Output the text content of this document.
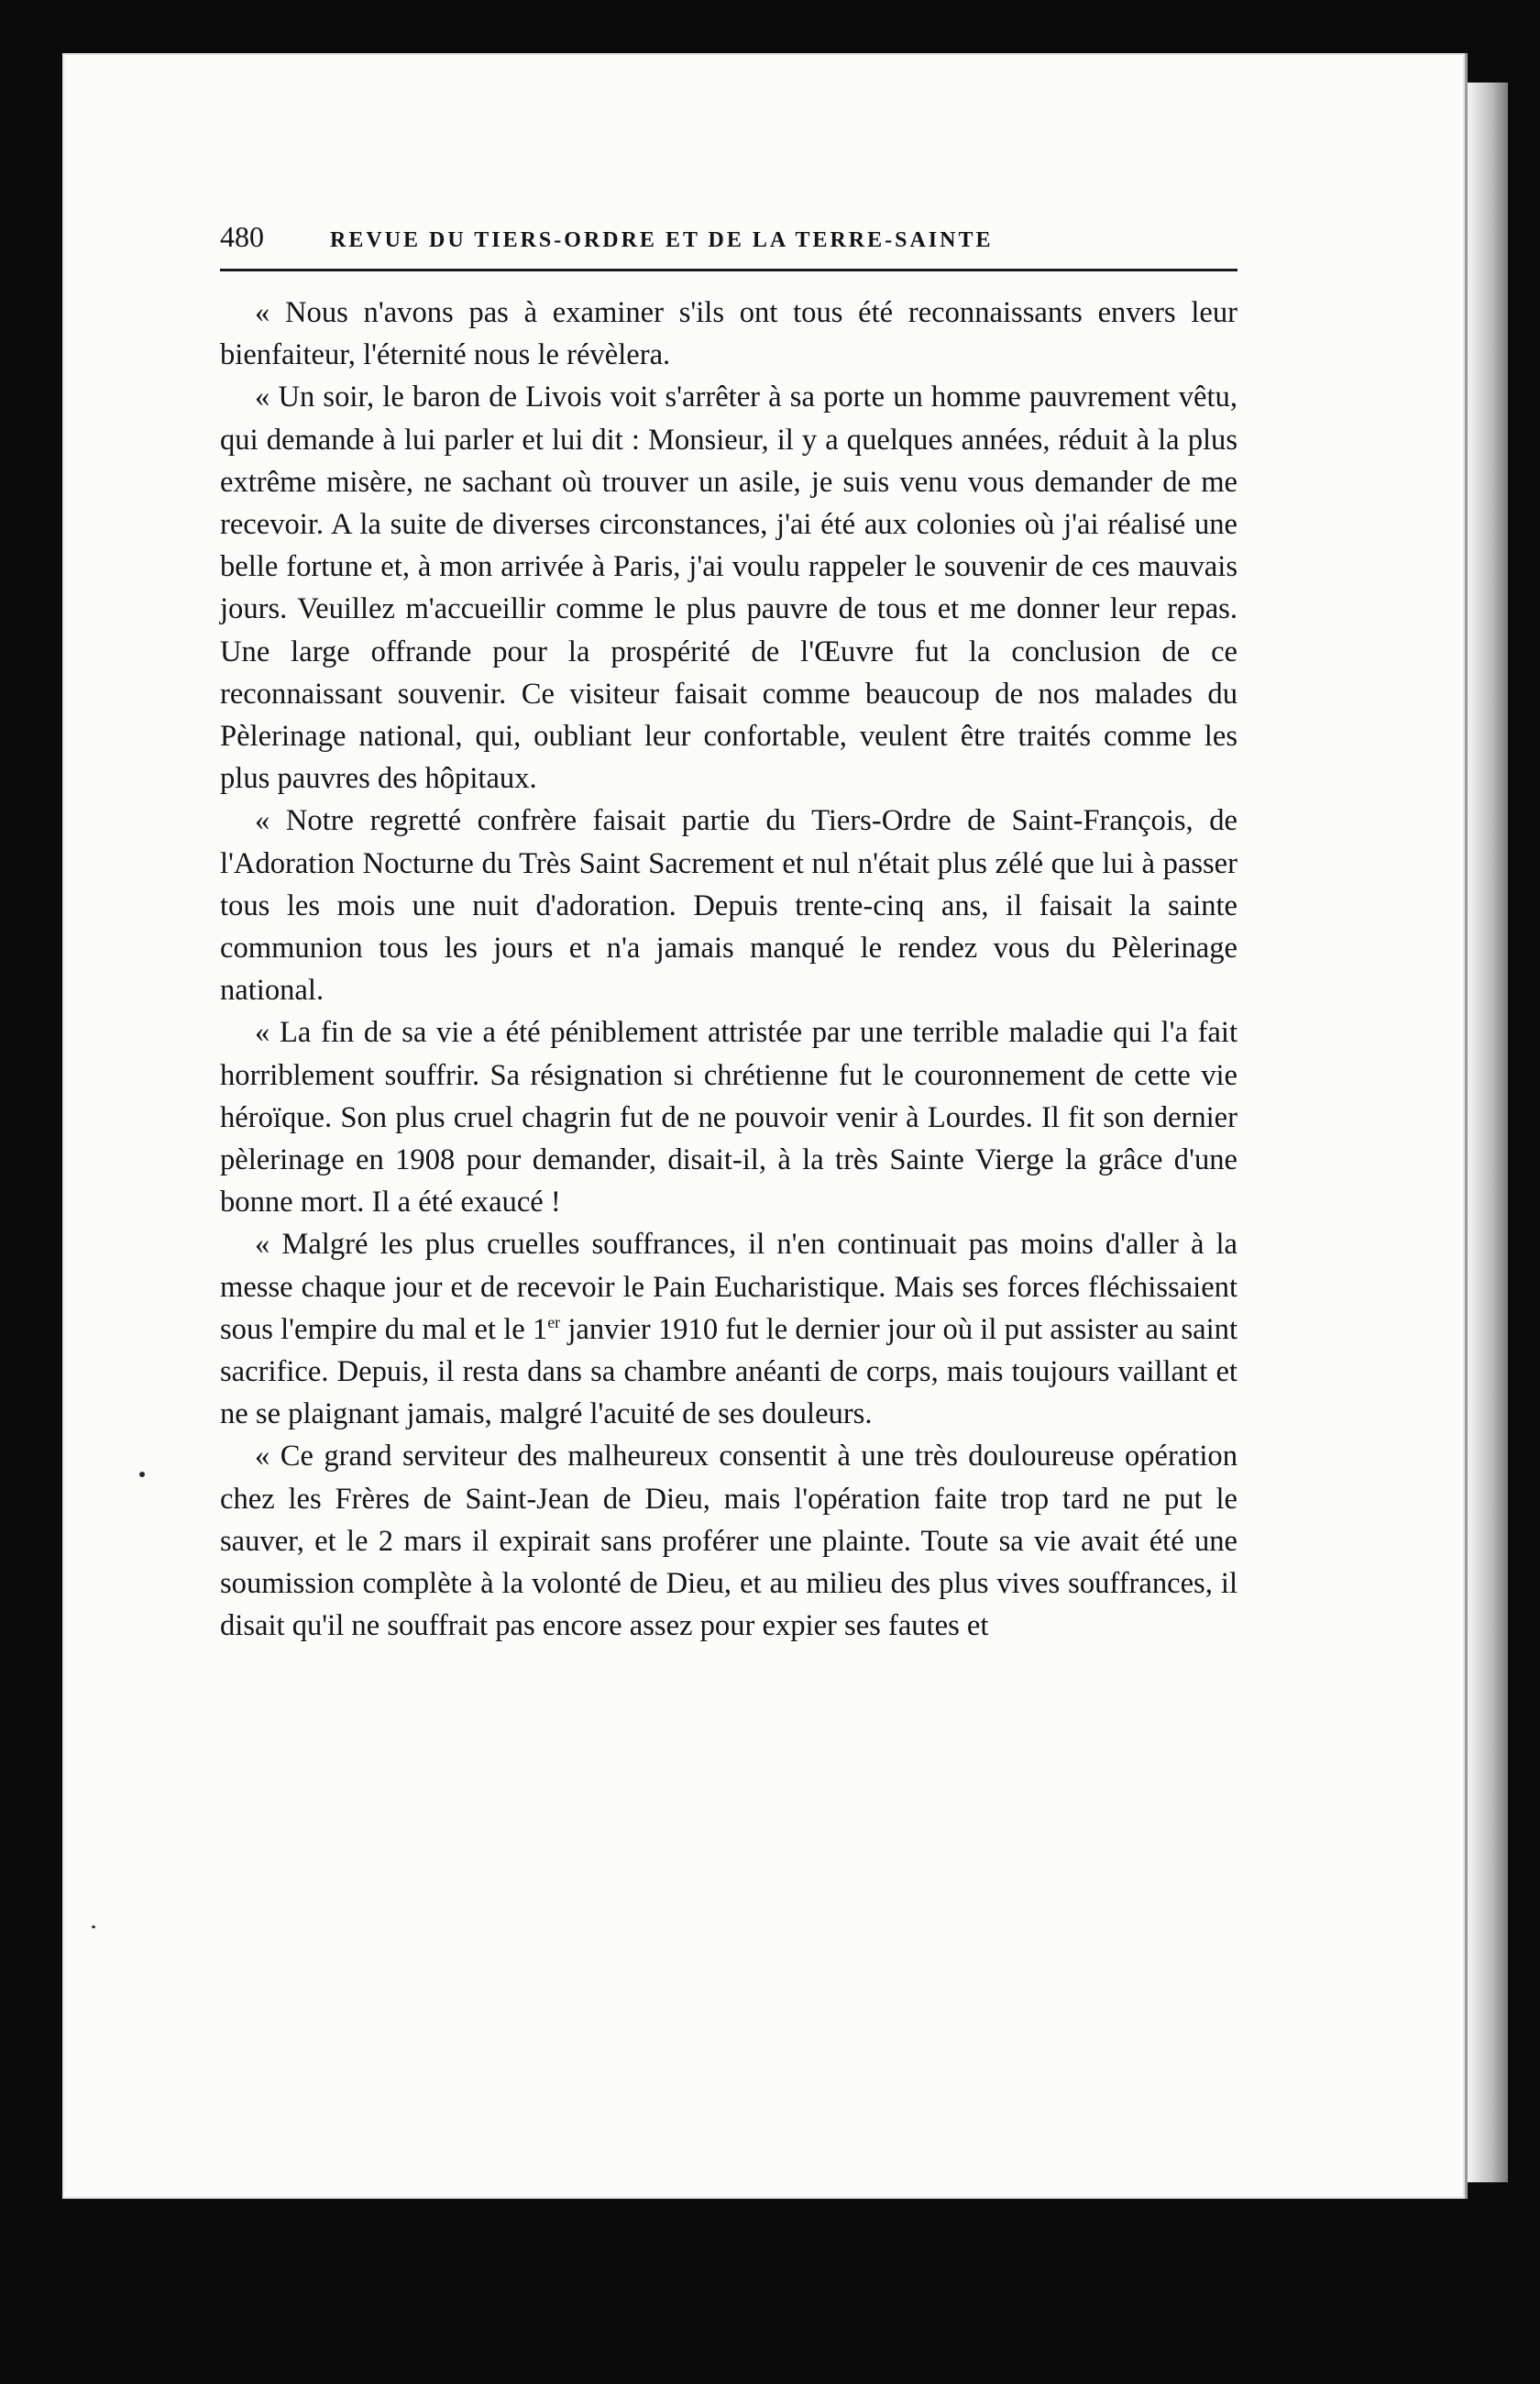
480	REVUE DU TIERS-ORDRE ET DE LA TERRE-SAINTE

« Nous n'avons pas à examiner s'ils ont tous été reconnaissants envers leur bienfaiteur, l'éternité nous le révèlera.

« Un soir, le baron de Livois voit s'arrêter à sa porte un homme pauvrement vêtu, qui demande à lui parler et lui dit : Monsieur, il y a quelques années, réduit à la plus extrême misère, ne sachant où trouver un asile, je suis venu vous demander de me recevoir. A la suite de diverses circonstances, j'ai été aux colonies où j'ai réalisé une belle fortune et, à mon arrivée à Paris, j'ai voulu rappeler le souvenir de ces mauvais jours. Veuillez m'accueillir comme le plus pauvre de tous et me donner leur repas. Une large offrande pour la prospérité de l'Œuvre fut la conclusion de ce reconnaissant souvenir. Ce visiteur faisait comme beaucoup de nos malades du Pèlerinage national, qui, oubliant leur confortable, veulent être traités comme les plus pauvres des hôpitaux.

« Notre regretté confrère faisait partie du Tiers-Ordre de Saint-François, de l'Adoration Nocturne du Très Saint Sacrement et nul n'était plus zélé que lui à passer tous les mois une nuit d'adoration. Depuis trente-cinq ans, il faisait la sainte communion tous les jours et n'a jamais manqué le rendez vous du Pèlerinage national.

« La fin de sa vie a été péniblement attristée par une terrible maladie qui l'a fait horriblement souffrir. Sa résignation si chrétienne fut le couronnement de cette vie héroïque. Son plus cruel chagrin fut de ne pouvoir venir à Lourdes. Il fit son dernier pèlerinage en 1908 pour demander, disait-il, à la très Sainte Vierge la grâce d'une bonne mort. Il a été exaucé !

« Malgré les plus cruelles souffrances, il n'en continuait pas moins d'aller à la messe chaque jour et de recevoir le Pain Eucharistique. Mais ses forces fléchissaient sous l'empire du mal et le 1er janvier 1910 fut le dernier jour où il put assister au saint sacrifice. Depuis, il resta dans sa chambre anéanti de corps, mais toujours vaillant et ne se plaignant jamais, malgré l'acuité de ses douleurs.

« Ce grand serviteur des malheureux consentit à une très douloureuse opération chez les Frères de Saint-Jean de Dieu, mais l'opération faite trop tard ne put le sauver, et le 2 mars il expirait sans proférer une plainte. Toute sa vie avait été une soumission complète à la volonté de Dieu, et au milieu des plus vives souffrances, il disait qu'il ne souffrait pas encore assez pour expier ses fautes et
